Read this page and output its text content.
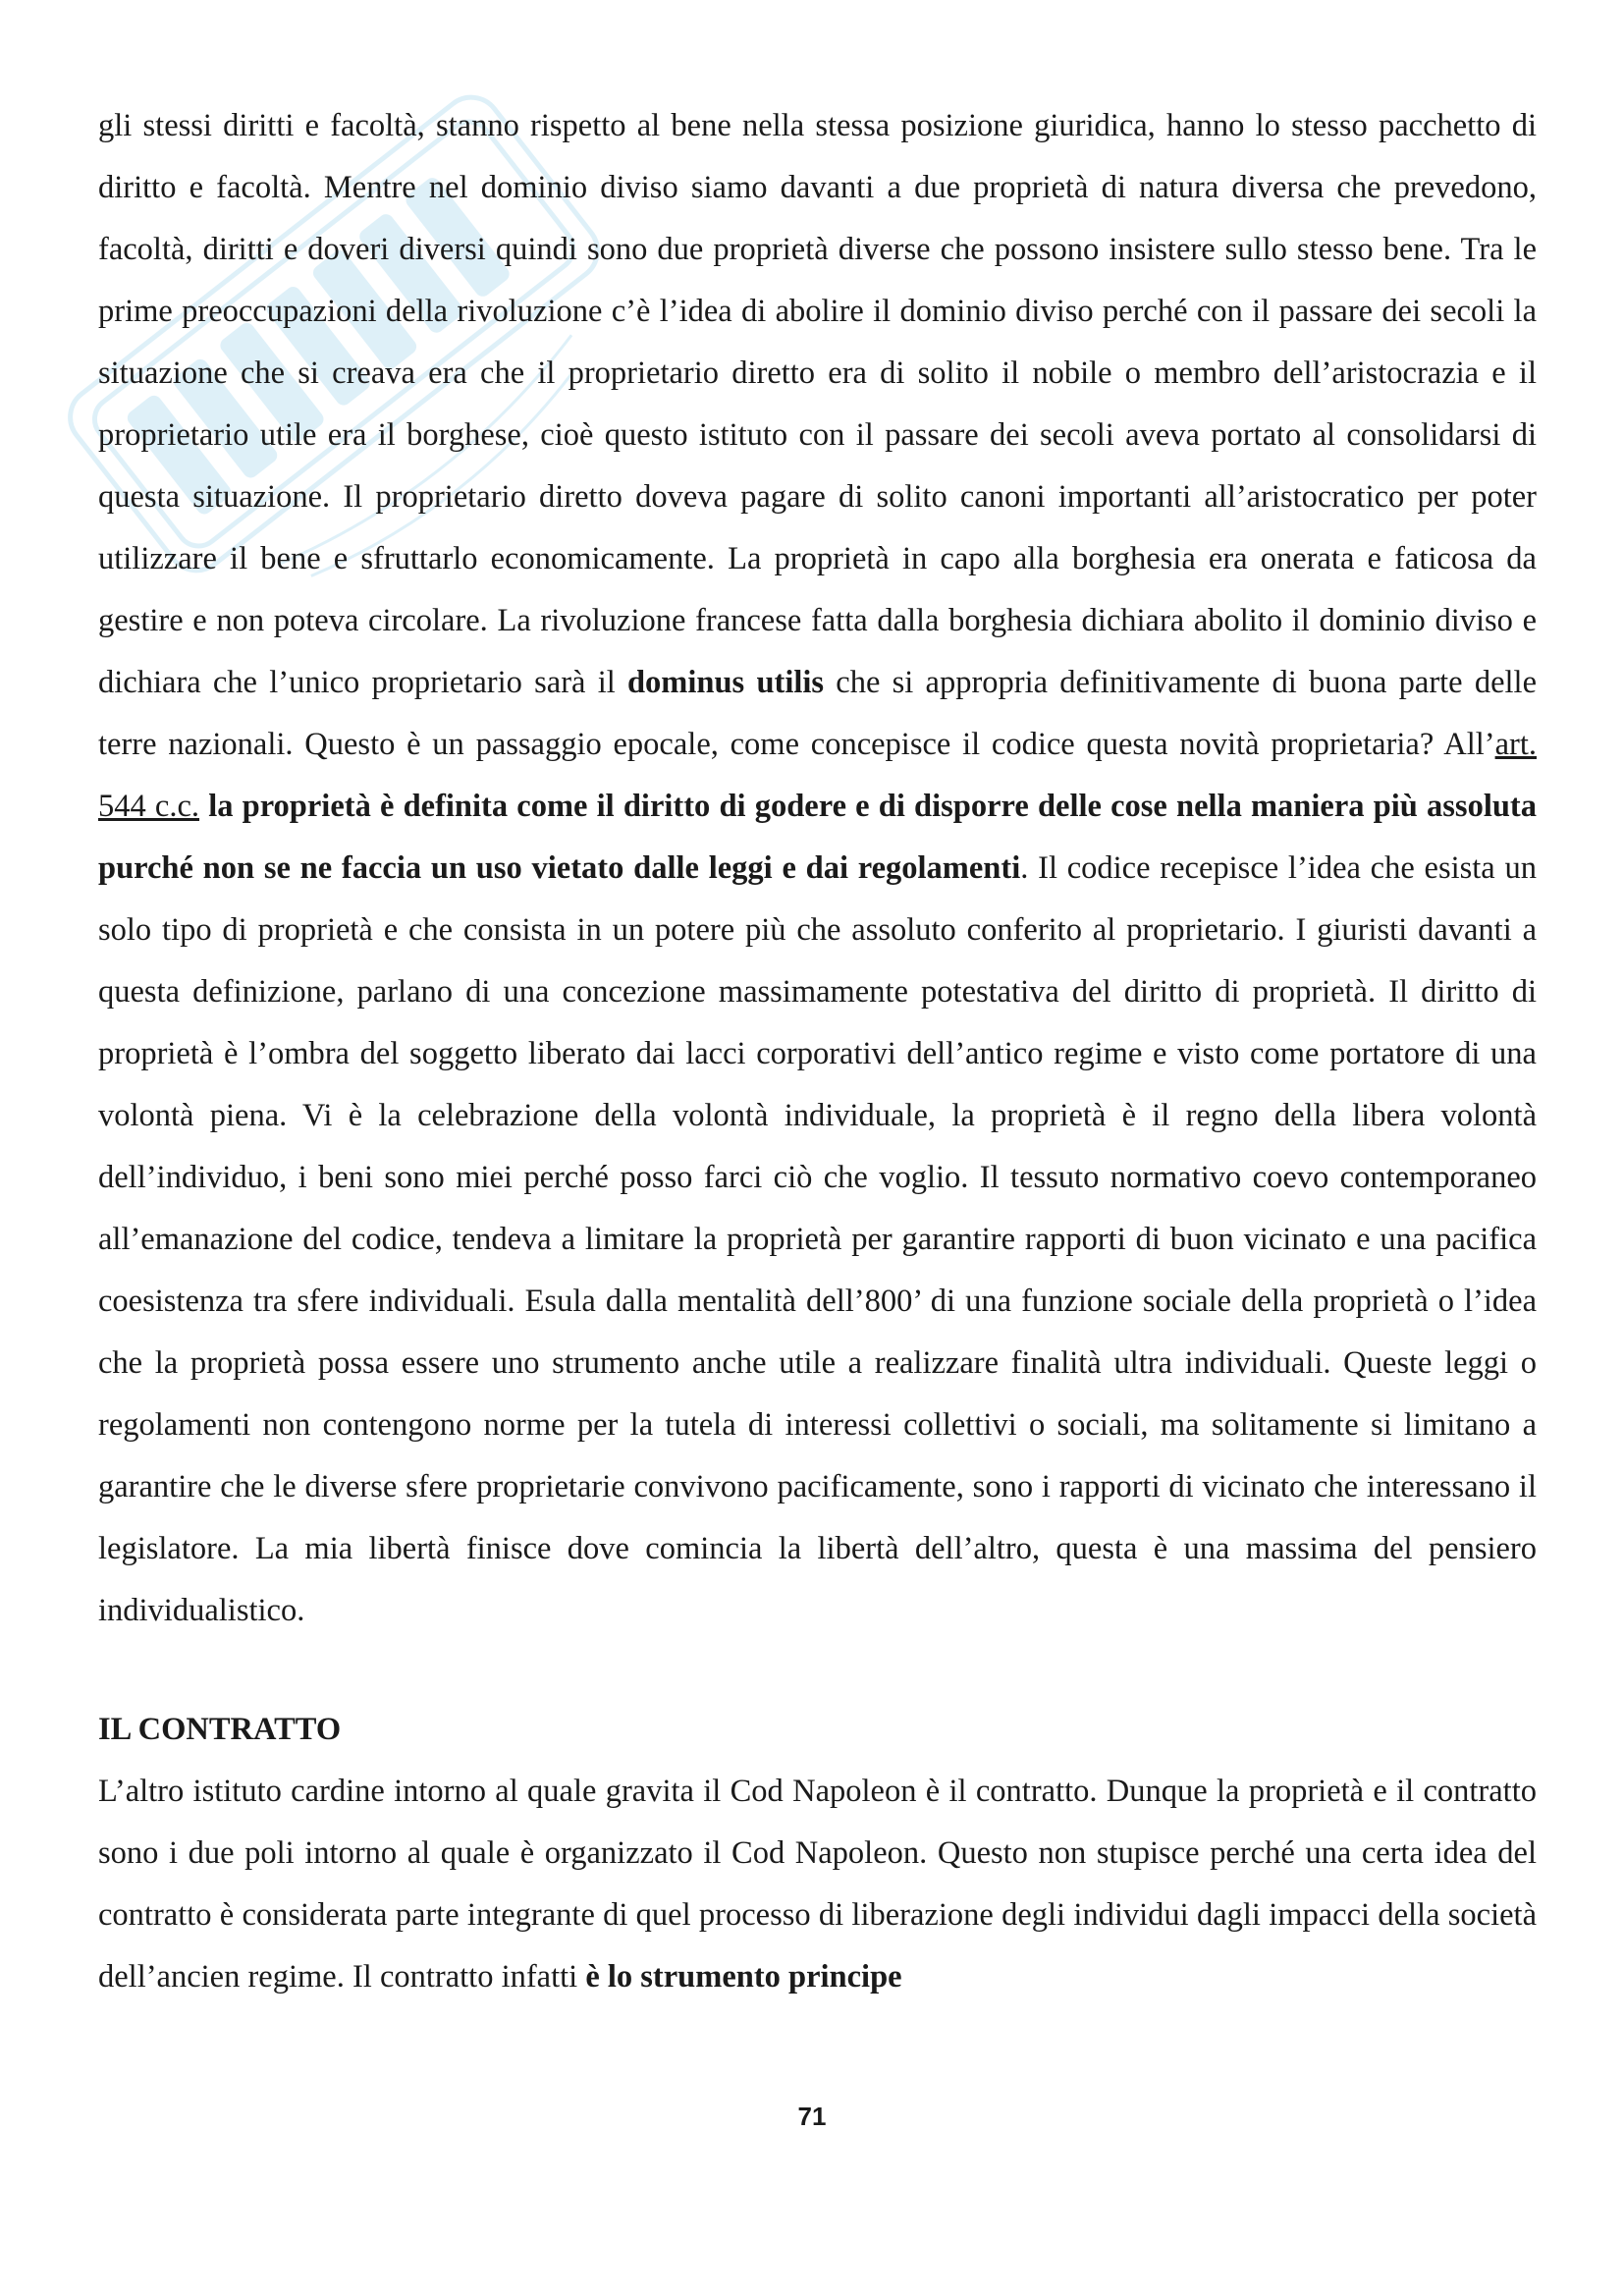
gli stessi diritti e facoltà, stanno rispetto al bene nella stessa posizione giuridica, hanno lo stesso pacchetto di diritto e facoltà. Mentre nel dominio diviso siamo davanti a due proprietà di natura diversa che prevedono, facoltà, diritti e doveri diversi quindi sono due proprietà diverse che possono insistere sullo stesso bene. Tra le prime preoccupazioni della rivoluzione c’è l’idea di abolire il dominio diviso perché con il passare dei secoli la situazione che si creava era che il proprietario diretto era di solito il nobile o membro dell’aristocrazia e il proprietario utile era il borghese, cioè questo istituto con il passare dei secoli aveva portato al consolidarsi di questa situazione. Il proprietario diretto doveva pagare di solito canoni importanti all’aristocratico per poter utilizzare il bene e sfruttarlo economicamente. La proprietà in capo alla borghesia era onerata e faticosa da gestire e non poteva circolare. La rivoluzione francese fatta dalla borghesia dichiara abolito il dominio diviso e dichiara che l’unico proprietario sarà il dominus utilis che si appropria definitivamente di buona parte delle terre nazionali. Questo è un passaggio epocale, come concepisce il codice questa novità proprietaria? All’art. 544 c.c. la proprietà è definita come il diritto di godere e di disporre delle cose nella maniera più assoluta purché non se ne faccia un uso vietato dalle leggi e dai regolamenti. Il codice recepisce l’idea che esista un solo tipo di proprietà e che consista in un potere più che assoluto conferito al proprietario. I giuristi davanti a questa definizione, parlano di una concezione massimamente potestativa del diritto di proprietà. Il diritto di proprietà è l’ombra del soggetto liberato dai lacci corporativi dell’antico regime e visto come portatore di una volontà piena. Vi è la celebrazione della volontà individuale, la proprietà è il regno della libera volontà dell’individuo, i beni sono miei perché posso farci ciò che voglio. Il tessuto normativo coevo contemporaneo all’emanazione del codice, tendeva a limitare la proprietà per garantire rapporti di buon vicinato e una pacifica coesistenza tra sfere individuali. Esula dalla mentalità dell’800’ di una funzione sociale della proprietà o l’idea che la proprietà possa essere uno strumento anche utile a realizzare finalità ultra individuali. Queste leggi o regolamenti non contengono norme per la tutela di interessi collettivi o sociali, ma solitamente si limitano a garantire che le diverse sfere proprietarie convivono pacificamente, sono i rapporti di vicinato che interessano il legislatore. La mia libertà finisce dove comincia la libertà dell’altro, questa è una massima del pensiero individualistico.

IL CONTRATTO

L’altro istituto cardine intorno al quale gravita il Cod Napoleon è il contratto. Dunque la proprietà e il contratto sono i due poli intorno al quale è organizzato il Cod Napoleon. Questo non stupisce perché una certa idea del contratto è considerata parte integrante di quel processo di liberazione degli individui dagli impacci della società dell’ancien regime. Il contratto infatti è lo strumento principe

71
